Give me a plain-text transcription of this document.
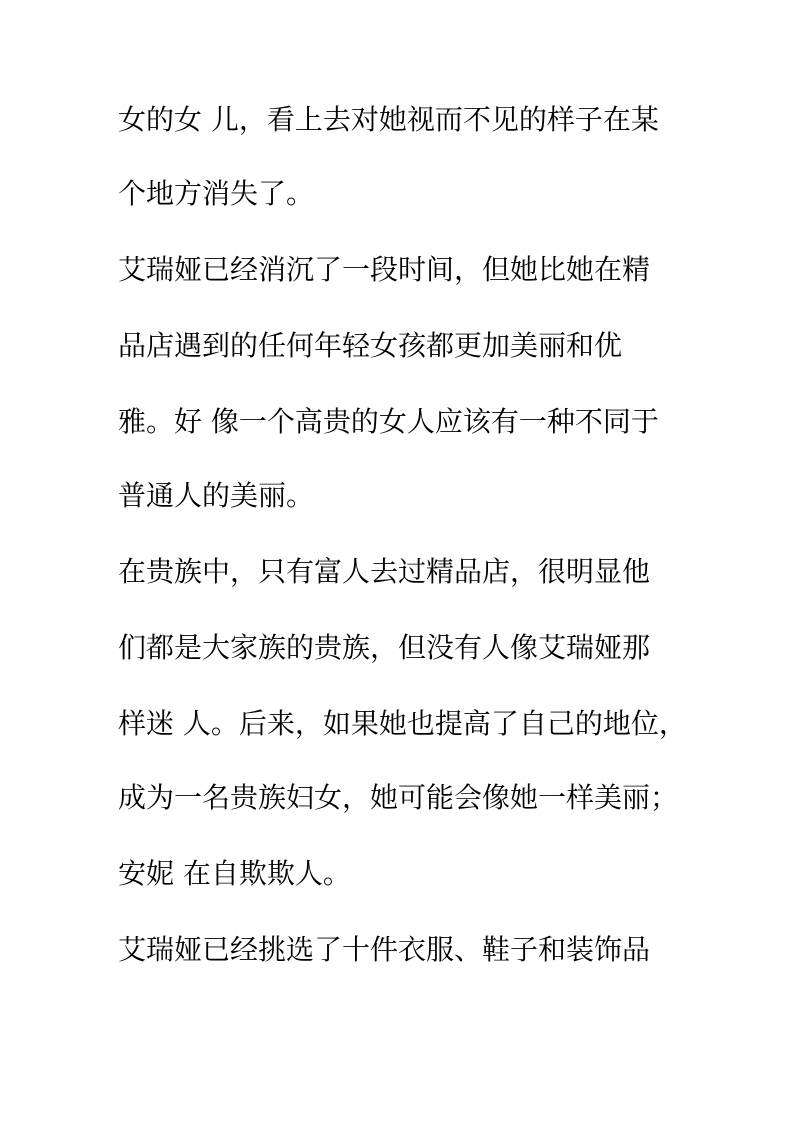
女的女 儿，看上去对她视而不见的样子在某

个地方消失了。

艾瑞娅已经消沉了一段时间，但她比她在精

品店遇到的任何年轻女孩都更加美丽和优

雅。好 像一个高贵的女人应该有一种不同于

普通人的美丽。

在贵族中，只有富人去过精品店，很明显他

们都是大家族的贵族，但没有人像艾瑞娅那

样迷 人。后来，如果她也提高了自己的地位，

成为一名贵族妇女，她可能会像她一样美丽；

安妮 在自欺欺人。

艾瑞娅已经挑选了十件衣服、鞋子和装饰品
